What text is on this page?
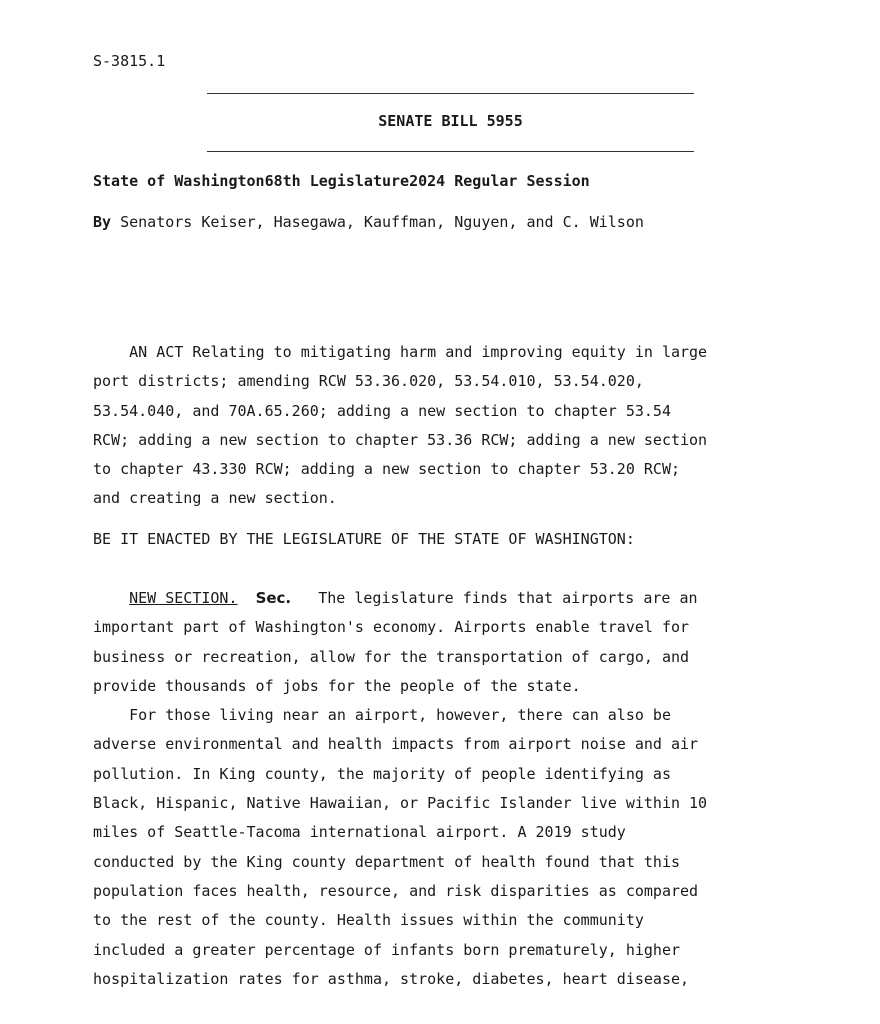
S-3815.1
SENATE BILL 5955
State of Washington68th Legislature2024 Regular Session
By Senators Keiser, Hasegawa, Kauffman, Nguyen, and C. Wilson
AN ACT Relating to mitigating harm and improving equity in large
port districts; amending RCW 53.36.020, 53.54.010, 53.54.020,
53.54.040, and 70A.65.260; adding a new section to chapter 53.54
RCW; adding a new section to chapter 53.36 RCW; adding a new section
to chapter 43.330 RCW; adding a new section to chapter 53.20 RCW;
and creating a new section.
BE IT ENACTED BY THE LEGISLATURE OF THE STATE OF WASHINGTON:
NEW SECTION. Sec.   The legislature finds that airports are an
important part of Washington's economy. Airports enable travel for
business or recreation, allow for the transportation of cargo, and
provide thousands of jobs for the people of the state.
For those living near an airport, however, there can also be
adverse environmental and health impacts from airport noise and air
pollution. In King county, the majority of people identifying as
Black, Hispanic, Native Hawaiian, or Pacific Islander live within 10
miles of Seattle-Tacoma international airport. A 2019 study
conducted by the King county department of health found that this
population faces health, resource, and risk disparities as compared
to the rest of the county. Health issues within the community
included a greater percentage of infants born prematurely, higher
hospitalization rates for asthma, stroke, diabetes, heart disease,
